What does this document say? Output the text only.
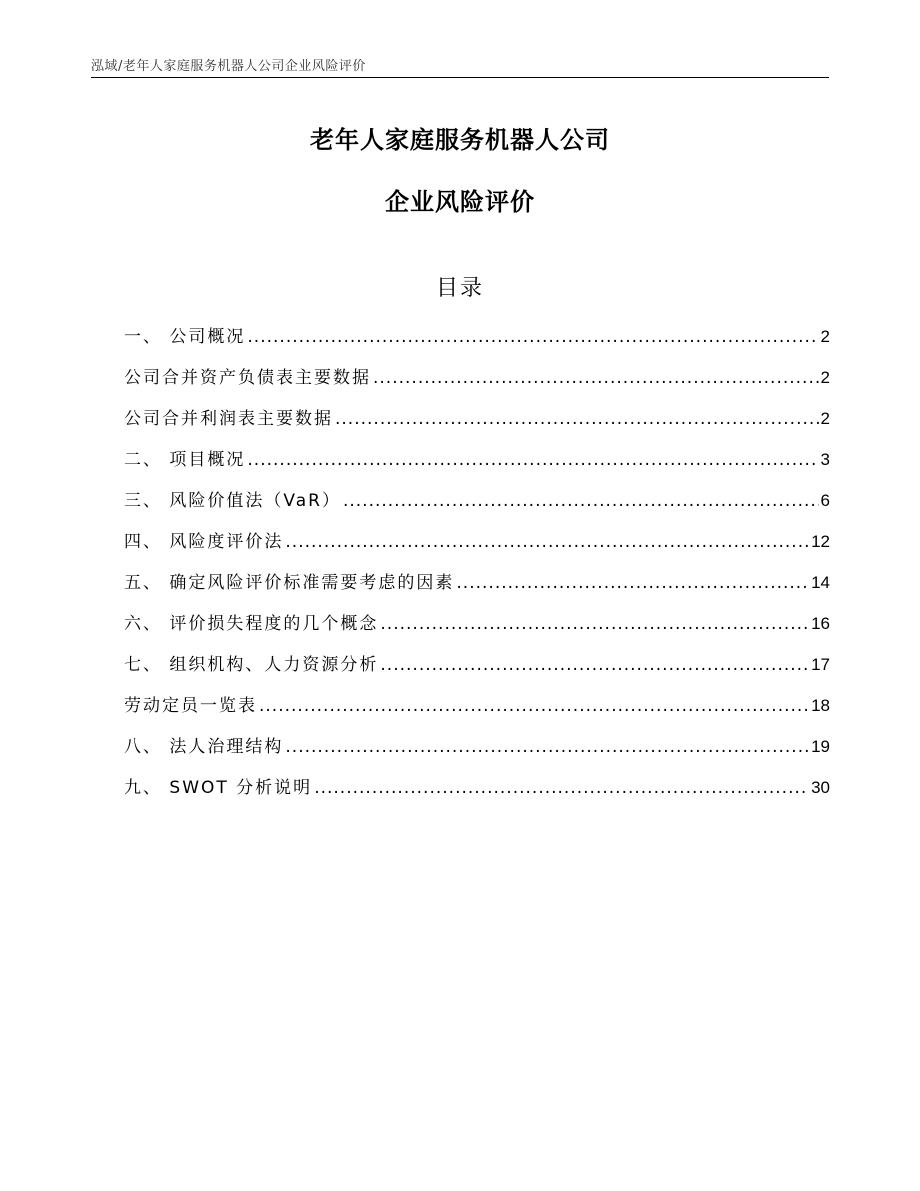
泓域/老年人家庭服务机器人公司企业风险评价

老年人家庭服务机器人公司

企业风险评价

目录
一、 公司概况 .....	2
公司合并资产负债表主要数据 .....	2
公司合并利润表主要数据 .....	2
二、 项目概况 .....	3
三、 风险价值法（VaR） .....	6
四、 风险度评价法 .....	12
五、 确定风险评价标准需要考虑的因素 .....	14
六、 评价损失程度的几个概念 .....	16
七、 组织机构、人力资源分析 .....	17
劳动定员一览表 .....	18
八、 法人治理结构 .....	19
九、 SWOT 分析说明 .....	30
